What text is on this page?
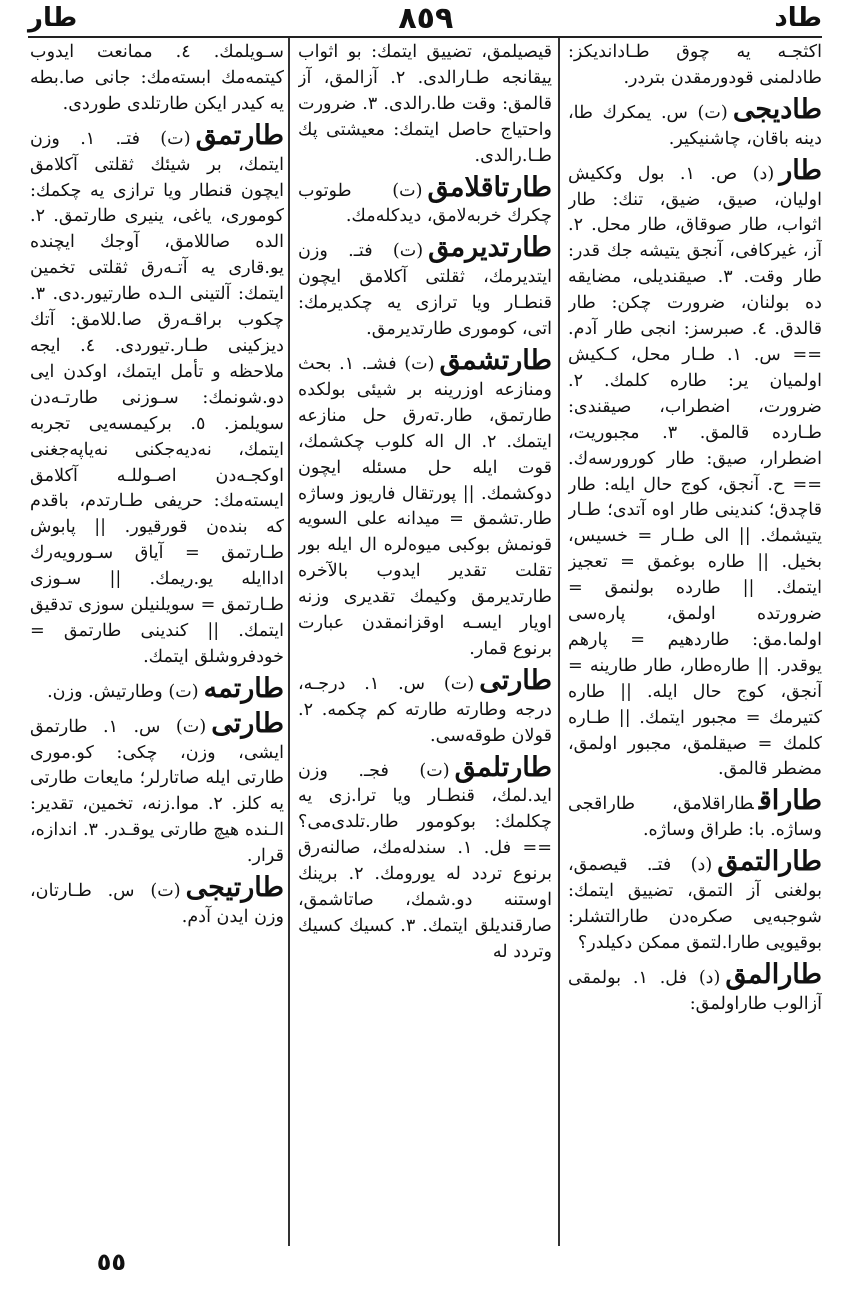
طاد
٨٥٩
طار
اكثجـه يه چوق طـاداندیكز: طادلمنی قودورمقدن بتردر.
طادیجی(ت) س. یمكرك طا، دینه باقان، چاشنیكير.
طار(د) ص. ١. بول وككيش اولیان، صیق، ضیق، تنك: طار اثواب، طار صوقاق، طار محل. ٢. آز، غیركافی، آنجق یتیشه جك قدر: طار وقت. ٣. صیقندیلی، مضایقه ده بولنان، ضرورت چكن: طار قالدق. ٤. صبرسز: انجی طار آدم. == س. ١. طـار محل، كـكيش اولمیان یر: طاره كلمك. ٢. ضرورت، اضطراب، صیقندی: طـارده قالمق. ٣. مجبوریت، اضطرار، صیق: طار كورورسه‌ك. == ح. آنجق، كوج حال ايله: طار قاچدق؛ كندینی طار اوه آتدی؛ طـار یتیشمك. || الی طـار = خسیس، بخیل. || طاره بوغمق = تعجیز ایتمك. || طارده بولنمق = ضرورتده اولمق، پاره‌سی اولما.مق: طاردهیم = پارهم یوقدر. || طاره‌طار، طار طارینه = آنجق، كوج حال ايله. || طاره كتیرمك = مجبور ایتمك. || طـاره كلمك = صیقلمق، مجبور اولمق، مضطر قالمق.
طاراقطاراقلامق، طاراقجی وساژه. با: طراق وساژه.
طارالتمق(د) فتـ. قیصمق، بولغنی آز التمق، تضییق ایتمك: شوجبه‌یی صكره‌دن طارالتشلر: بوقیویی طارا.لتمق ممكن دكیلدر؟
طارالمق(د) فل. ١. بولمقی آزالوب طاراولمق:
قیصیلمق، تضییق ایتمك: بو اثواب ییقانجه طـارالدی. ٢. آزالمق، آز قالمق: وقت طا.رالدی. ٣. ضرورت واحتیاج حاصل ایتمك: معیشتی پك طـا.رالدی.
طارتاقلامق(ت) طوتوب چكرك خربه‌لامق، دیدكله‌مك.
طارتدیرمق(ت) فتـ. وزن ایتدیرمك، ثقلتی آكلامق ایچون قنطـار ویا ترازی یه چكدیرمك: اتی، كومورى طارتدیرمق.
طارتشمق(ت) فشـ. ١. بحث ومنازعه اوزرینه بر شیئی بولكده طارتمق، طار.ته‌رق حل منازعه ایتمك. ٢. ال اله كلوب چكشمك، قوت ايله حل مسئله ایچون دوكشمك. || پورتقال فاریوز وساژه طار.تشمق = میدانه علی السویه قونمش بوكبی میوه‌لره ال ايله بور تقلت تقدیر ایدوب بالآخره طارتدیرمق وكیمك تقدیری وزنه اويار ایسـه اوقزانمقدن عبارت برنوع قمار.
طارتی(ت) س. ١. درجـه، درجه وطارته طارته كم چكمه. ٢. قولان طوقه‌سی.
طارتلمق(ت) فجـ. وزن ايد.لمك، قنطـار ویا ترا.زی یه چكلمك: بوكومور طار.تلدی‌می؟ == فل. ١. سندله‌مك، صالنه‌رق برنوع تردد له یورومك. ٢. برینك اوستنه دو.شمك، صاتاشمق، صارقندیلق ایتمك. ٣. كسیك كسیك وتردد له
سـویلمك. ٤. ممانعت ایدوب كیتمه‌مك ابسته‌مك: جانی صا.بطه یه كیدر ایكن طارتلدی طوردی.
طارتمق(ت) فتـ. ١. وزن ایتمك، بر شیئك ثقلتی آكلامق ایچون قنطار ویا ترازی یه چكمك: كوموری، یاغی، ینیری طارتمق. ٢. الده صاللامق، آوجك ایچنده یو.قاری یه آتـه‌رق ثقلتی تخمین ایتمك: آلتینی الـده طارتیور.دی. ٣. چكوب براقـه‌رق صا.للامق: آتك دیزكینی طـار.تیوردی. ٤. ایجه ملاحظه و تأمل ایتمك، اوكدن ایی دو.شونمك: سـوزنی طارتـه‌دن سویلمز. ٥. بركیمسه‌یی تجربه ایتمك، نه‌دیه‌جكنی نه‌یاپه‌جغنی اوكجـه‌دن اصـوللـه آكلامق ایسته‌مك: حریفی طـارتدم، باقدم كه بنده‌ن قورقیور. || پابوش طـارتمق = آیاق سـورویه‌رك اداايله یو.ریمك. || سـوزی طـارتمق = سویلنیلن سوزی تدقیق ایتمك. || كندینی طارتمق = خودفروشلق ایتمك.
طارتمه(ت) وطارتیش. وزن.
طارتی(ت) س. ١. طارتمق ایشی، وزن، چكی: كو.موری طارتی ايله صاتارلر؛ مایعات طارتی یه كلز. ٢. موا.زنه، تخمین، تقدیر: الـنده هیچ طارتی یوقـدر. ٣. اندازه، قرار.
طارتیجی(ت) س. طـارتان، وزن ایدن آدم.
٥٥
